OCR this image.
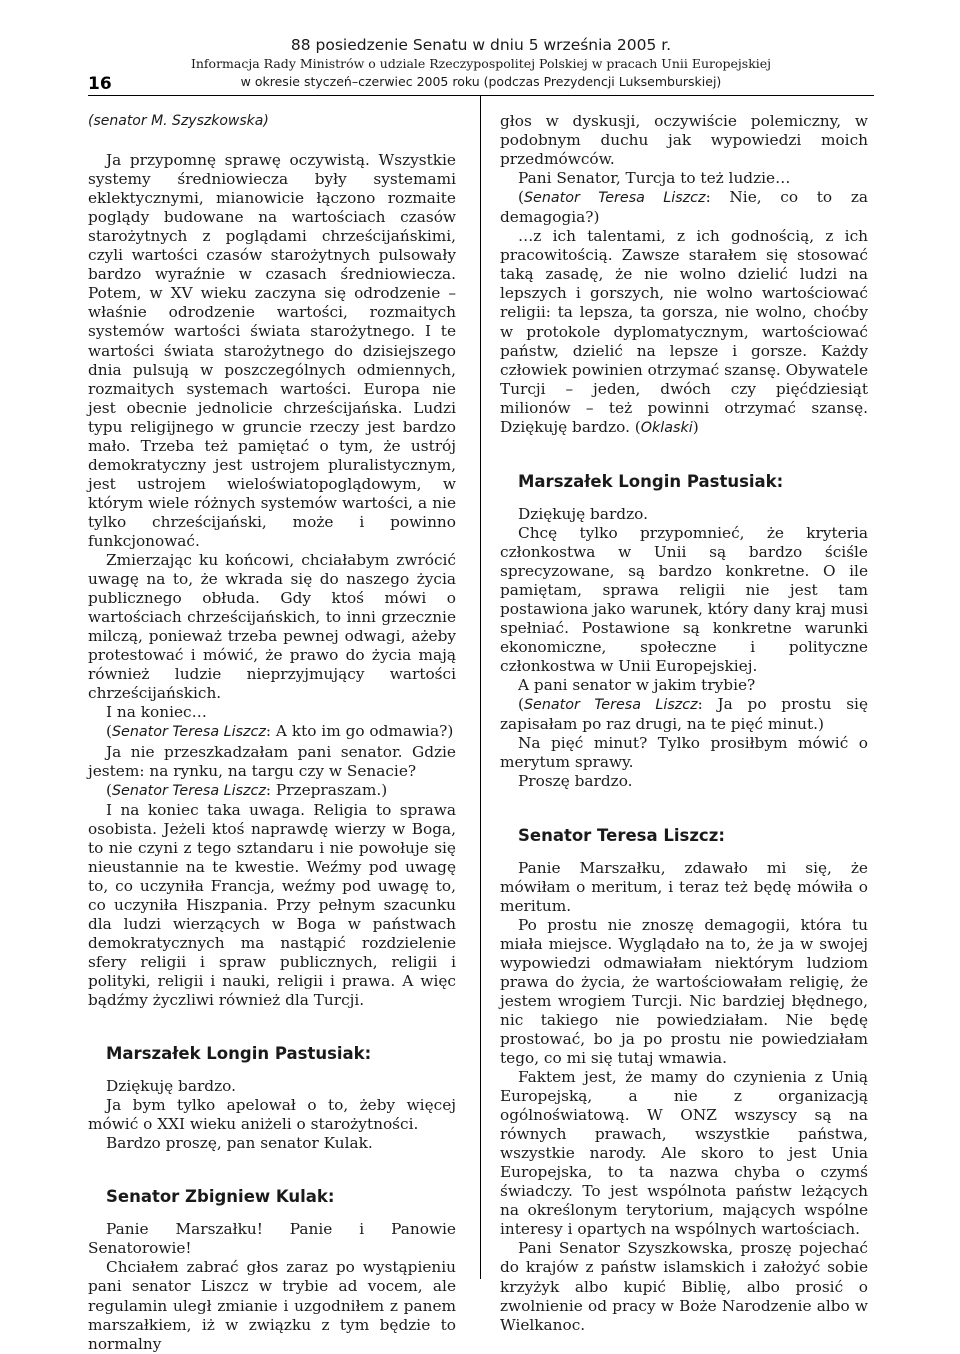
16
88 posiedzenie Senatu w dniu 5 września 2005 r.
Informacja Rady Ministrów o udziale Rzeczypospolitej Polskiej w pracach Unii Europejskiej
w okresie styczeń–czerwiec 2005 roku (podczas Prezydencji Luksemburskiej)

(senator M. Szyszkowska)

Ja przypomnę sprawę oczywistą. Wszystkie systemy średniowiecza były systemami eklektycznymi, mianowicie łączono rozmaite poglądy budowane na wartościach czasów starożytnych z poglądami chrześcijańskimi, czyli wartości czasów starożytnych pulsowały bardzo wyraźnie w czasach średniowiecza. Potem, w XV wieku zaczyna się odrodzenie – właśnie odrodzenie wartości, rozmaitych systemów wartości świata starożytnego. I te wartości świata starożytnego do dzisiejszego dnia pulsują w poszczególnych odmiennych, rozmaitych systemach wartości. Europa nie jest obecnie jednolicie chrześcijańska. Ludzi typu religijnego w gruncie rzeczy jest bardzo mało. Trzeba też pamiętać o tym, że ustrój demokratyczny jest ustrojem pluralistycznym, jest ustrojem wieloświatopoglądowym, w którym wiele różnych systemów wartości, a nie tylko chrześcijański, może i powinno funkcjonować.

Zmierzając ku końcowi, chciałabym zwrócić uwagę na to, że wkrada się do naszego życia publicznego obłuda. Gdy ktoś mówi o wartościach chrześcijańskich, to inni grzecznie milczą, ponieważ trzeba pewnej odwagi, ażeby protestować i mówić, że prawo do życia mają również ludzie nieprzyjmujący wartości chrześcijańskich.

I na koniec…

(Senator Teresa Liszcz: A kto im go odmawia?)

Ja nie przeszkadzałam pani senator. Gdzie jestem: na rynku, na targu czy w Senacie?

(Senator Teresa Liszcz: Przepraszam.)

I na koniec taka uwaga. Religia to sprawa osobista. Jeżeli ktoś naprawdę wierzy w Boga, to nie czyni z tego sztandaru i nie powołuje się nieustannie na te kwestie. Weźmy pod uwagę to, co uczyniła Francja, weźmy pod uwagę to, co uczyniła Hiszpania. Przy pełnym szacunku dla ludzi wierzących w Boga w państwach demokratycznych ma nastąpić rozdzielenie sfery religii i spraw publicznych, religii i polityki, religii i nauki, religii i prawa. A więc bądźmy życzliwi również dla Turcji.

Marszałek Longin Pastusiak:

Dziękuję bardzo.

Ja bym tylko apelował o to, żeby więcej mówić o XXI wieku aniżeli o starożytności.

Bardzo proszę, pan senator Kulak.

Senator Zbigniew Kulak:

Panie Marszałku! Panie i Panowie Senatorowie!

Chciałem zabrać głos zaraz po wystąpieniu pani senator Liszcz w trybie ad vocem, ale regulamin uległ zmianie i uzgodniłem z panem marszałkiem, iż w związku z tym będzie to normalny

głos w dyskusji, oczywiście polemiczny, w podobnym duchu jak wypowiedzi moich przedmówców.

Pani Senator, Turcja to też ludzie…

(Senator Teresa Liszcz: Nie, co to za demagogia?)

…z ich talentami, z ich godnością, z ich pracowitością. Zawsze starałem się stosować taką zasadę, że nie wolno dzielić ludzi na lepszych i gorszych, nie wolno wartościować religii: ta lepsza, ta gorsza, nie wolno, choćby w protokole dyplomatycznym, wartościować państw, dzielić na lepsze i gorsze. Każdy człowiek powinien otrzymać szansę. Obywatele Turcji – jeden, dwóch czy pięćdziesiąt milionów – też powinni otrzymać szansę. Dziękuję bardzo. (Oklaski)

Marszałek Longin Pastusiak:

Dziękuję bardzo.

Chcę tylko przypomnieć, że kryteria członkostwa w Unii są bardzo ściśle sprecyzowane, są bardzo konkretne. O ile pamiętam, sprawa religii nie jest tam postawiona jako warunek, który dany kraj musi spełniać. Postawione są konkretne warunki ekonomiczne, społeczne i polityczne członkostwa w Unii Europejskiej.

A pani senator w jakim trybie?

(Senator Teresa Liszcz: Ja po prostu się zapisałam po raz drugi, na te pięć minut.)

Na pięć minut? Tylko prosiłbym mówić o merytum sprawy.

Proszę bardzo.

Senator Teresa Liszcz:

Panie Marszałku, zdawało mi się, że mówiłam o meritum, i teraz też będę mówiła o meritum.

Po prostu nie znoszę demagogii, która tu miała miejsce. Wyglądało na to, że ja w swojej wypowiedzi odmawiałam niektórym ludziom prawa do życia, że wartościowałam religię, że jestem wrogiem Turcji. Nic bardziej błędnego, nic takiego nie powiedziałam. Nie będę prostować, bo ja po prostu nie powiedziałam tego, co mi się tutaj wmawia.

Faktem jest, że mamy do czynienia z Unią Europejską, a nie z organizacją ogólnoświatową. W ONZ wszyscy są na równych prawach, wszystkie państwa, wszystkie narody. Ale skoro to jest Unia Europejska, to ta nazwa chyba o czymś świadczy. To jest wspólnota państw leżących na określonym terytorium, mających wspólne interesy i opartych na wspólnych wartościach.

Pani Senator Szyszkowska, proszę pojechać do krajów z państw islamskich i założyć sobie krzyżyk albo kupić Biblię, albo prosić o zwolnienie od pracy w Boże Narodzenie albo w Wielkanoc.
